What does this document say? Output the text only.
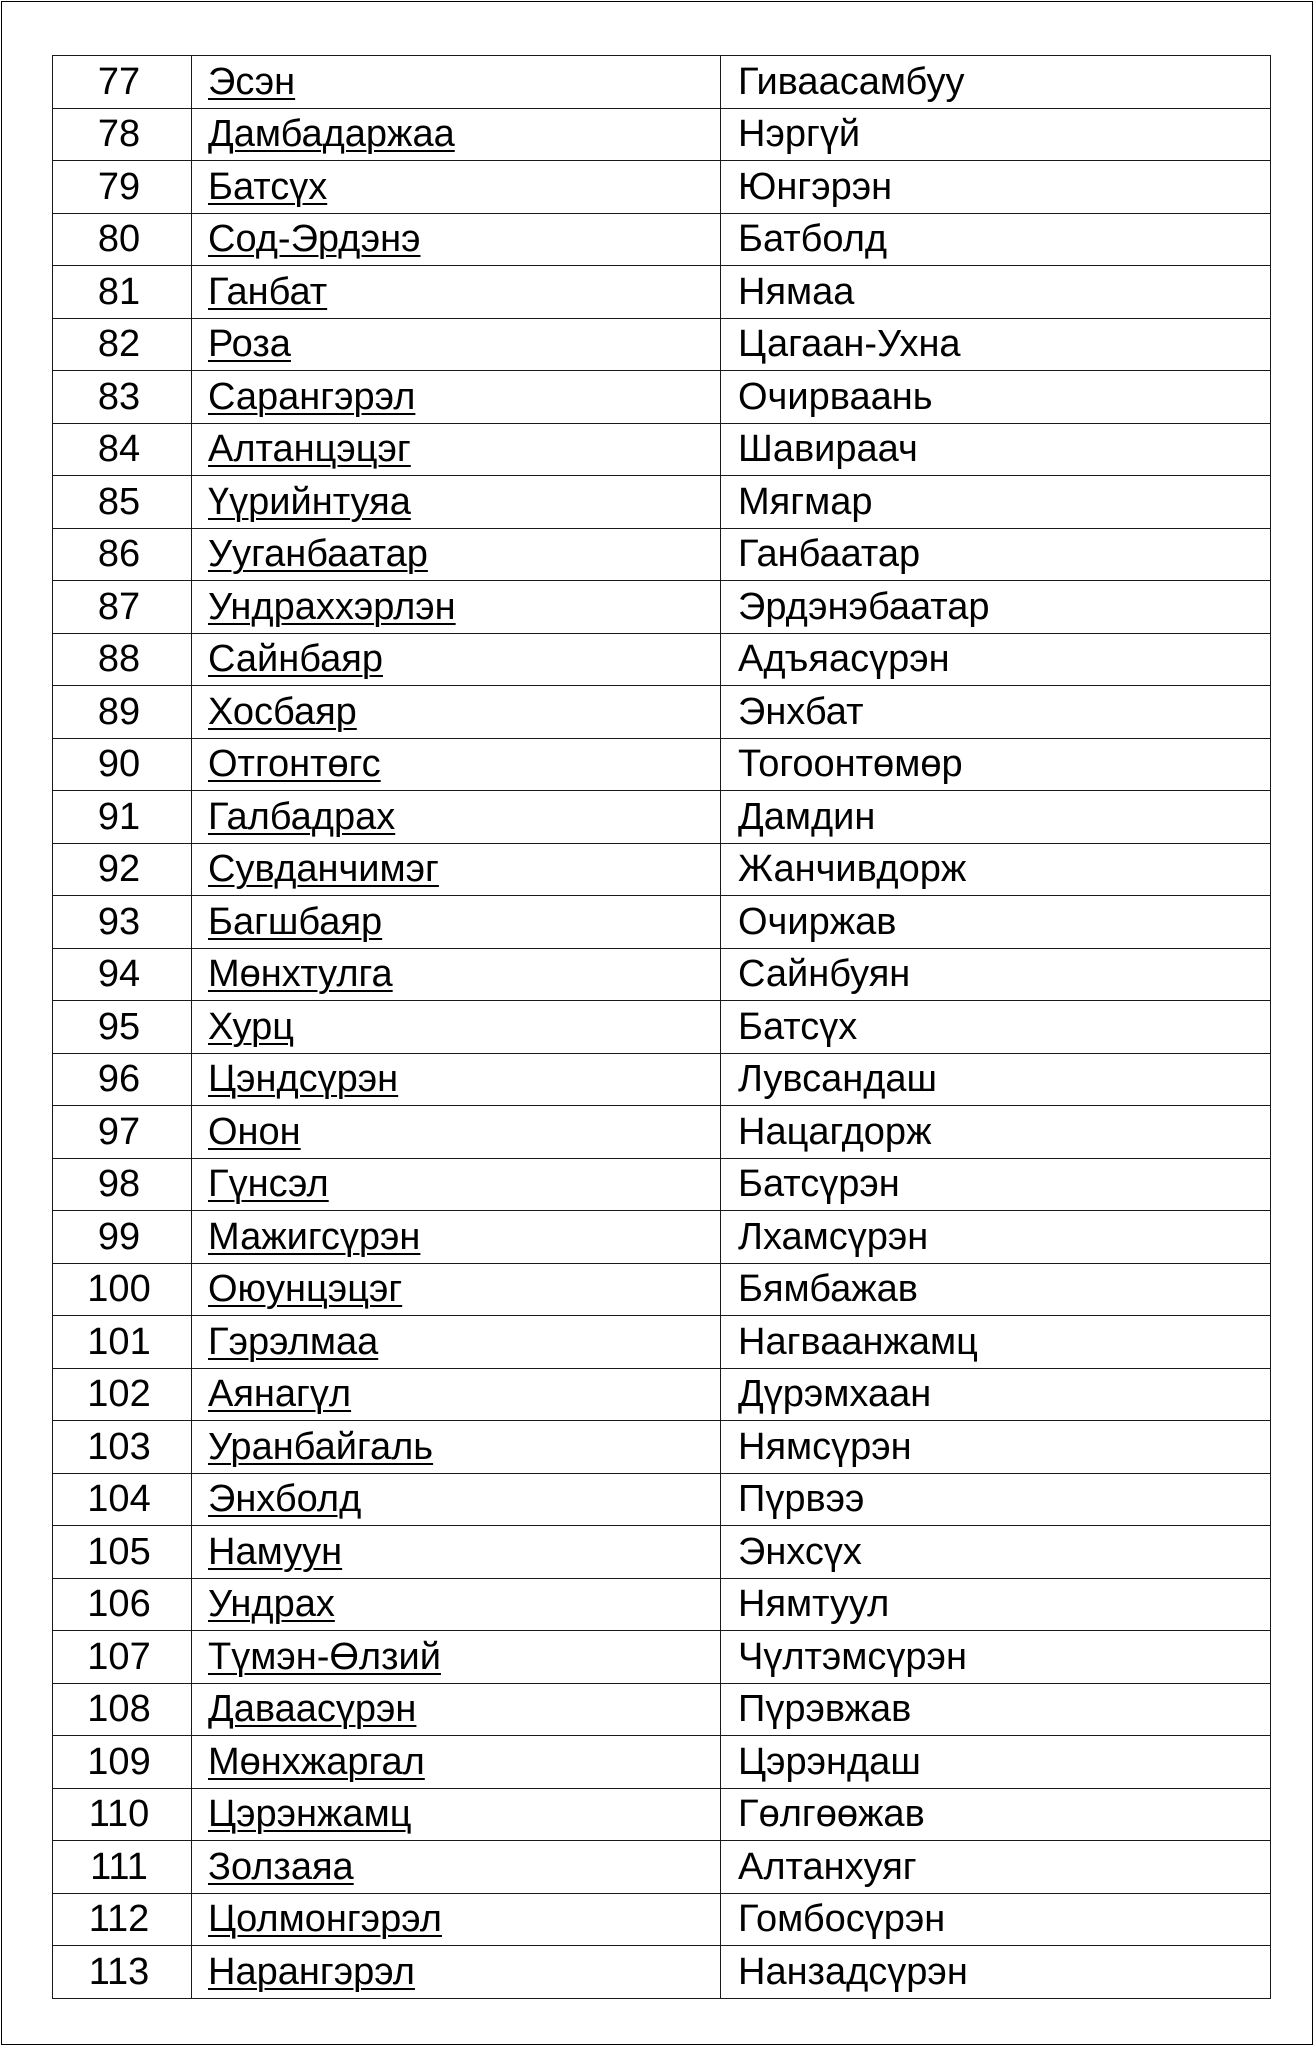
77	Эсэн	Гиваасамбуу
78	Дамбадаржаа	Нэргүй
79	Батсүх	Юнгэрэн
80	Сод-Эрдэнэ	Батболд
81	Ганбат	Нямаа
82	Роза	Цагаан-Ухна
83	Сарангэрэл	Очирваань
84	Алтанцэцэг	Шавираач
85	Үүрийнтуяа	Мягмар
86	Ууганбаатар	Ганбаатар
87	Ундраххэрлэн	Эрдэнэбаатар
88	Сайнбаяр	Адъяасүрэн
89	Хосбаяр	Энхбат
90	Отгонтөгс	Тогоонтөмөр
91	Галбадрах	Дамдин
92	Сувданчимэг	Жанчивдорж
93	Багшбаяр	Очиржав
94	Мөнхтулга	Сайнбуян
95	Хурц	Батсүх
96	Цэндсүрэн	Лувсандаш
97	Онон	Нацагдорж
98	Гүнсэл	Батсүрэн
99	Мажигсүрэн	Лхамсүрэн
100	Оюунцэцэг	Бямбажав
101	Гэрэлмаа	Нагваанжамц
102	Аянагүл	Дүрэмхаан
103	Уранбайгаль	Нямсүрэн
104	Энхболд	Пүрвээ
105	Намуун	Энхсүх
106	Ундрах	Нямтуул
107	Түмэн-Өлзий	Чүлтэмсүрэн
108	Даваасүрэн	Пүрэвжав
109	Мөнхжаргал	Цэрэндаш
110	Цэрэнжамц	Гөлгөөжав
111	Золзаяа	Алтанхуяг
112	Цолмонгэрэл	Гомбосүрэн
113	Нарангэрэл	Нанзадсүрэн
